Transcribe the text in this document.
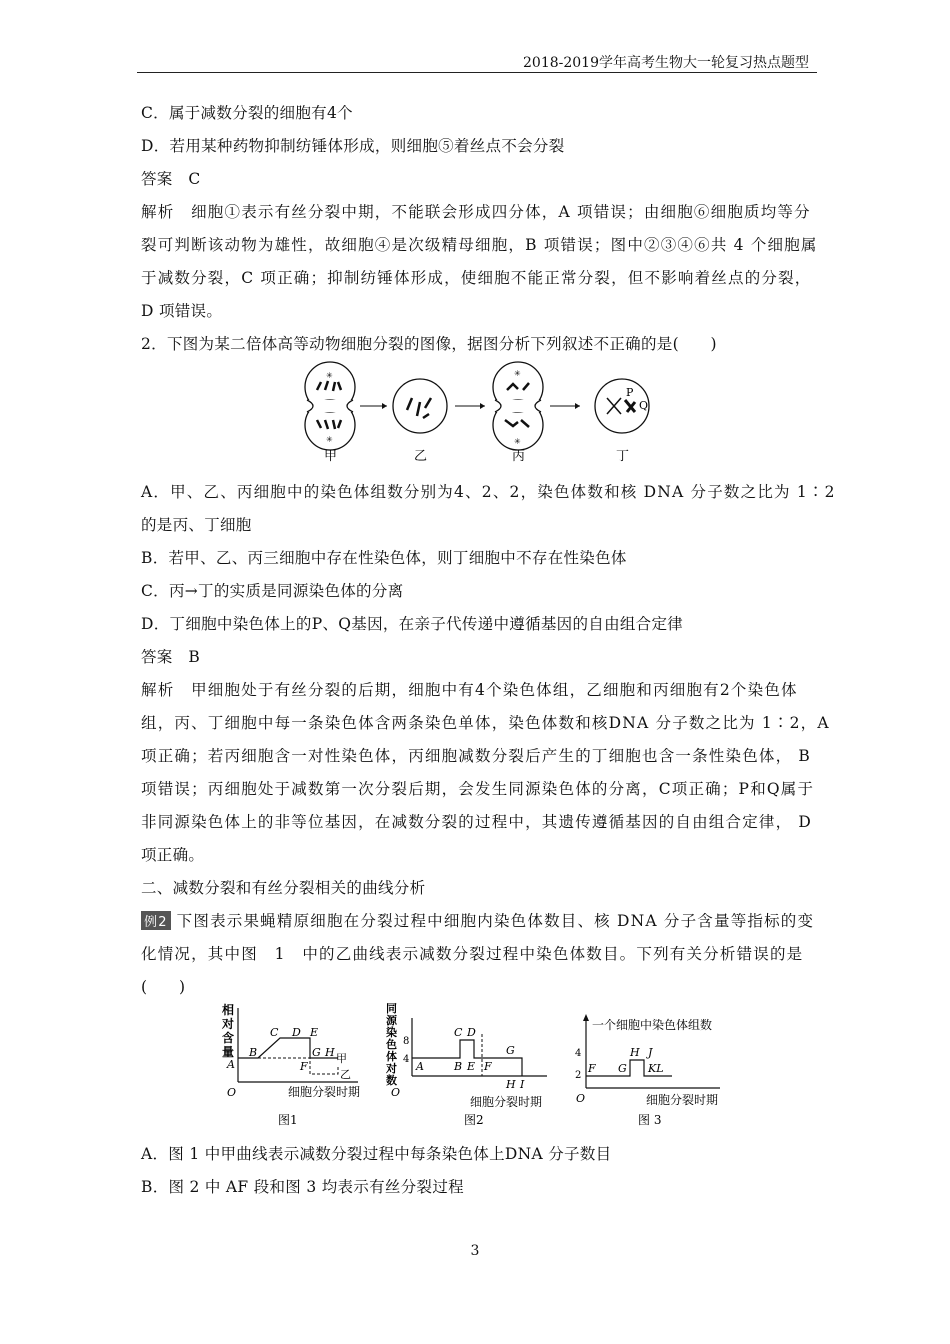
2018-2019学年高考生物大一轮复习热点题型
C．属于减数分裂的细胞有4个
D．若用某种药物抑制纺锤体形成，则细胞⑤着丝点不会分裂
答案　C
解析　细胞①表示有丝分裂中期，不能联会形成四分体，A 项错误；由细胞⑥细胞质均等分
裂可判断该动物为雄性，故细胞④是次级精母细胞，B 项错误；图中②③④⑥共 4 个细胞属
于减数分裂，C 项正确；抑制纺锤体形成，使细胞不能正常分裂，但不影响着丝点的分裂，
D 项错误。
2．下图为某二倍体高等动物细胞分裂的图像，据图分析下列叙述不正确的是(　　)
✳
✳
✳
✳
P
Q
甲	乙	丙	丁
A．甲、乙、丙细胞中的染色体组数分别为4、2、2，染色体数和核 DNA 分子数之比为 1∶2
的是丙、丁细胞
B．若甲、乙、丙三细胞中存在性染色体，则丁细胞中不存在性染色体
C．丙→丁的实质是同源染色体的分离
D．丁细胞中染色体上的P、Q基因，在亲子代传递中遵循基因的自由组合定律
答案　B
解析　甲细胞处于有丝分裂的后期，细胞中有4个染色体组，乙细胞和丙细胞有2个染色体
组，丙、丁细胞中每一条染色体含两条染色单体，染色体数和核DNA 分子数之比为 1∶2，A
项正确；若丙细胞含一对性染色体，丙细胞减数分裂后产生的丁细胞也含一条性染色体， B
项错误；丙细胞处于减数第一次分裂后期，会发生同源染色体的分离，C项正确；P和Q属于
非同源染色体上的非等位基因，在减数分裂的过程中，其遗传遵循基因的自由组合定律， D
项正确。
二、减数分裂和有丝分裂相关的曲线分析
例2 下图表示果蝇精原细胞在分裂过程中细胞内染色体数目、核 DNA 分子含量等指标的变
化情况，其中图　1　中的乙曲线表示减数分裂过程中染色体数目。下列有关分析错误的是
(　　)
相
对
含
量
A
B
C D E
F
G H 甲
乙
O	细胞分裂时期
图1
同
源
染
色
体
对
数
8
4
A	B
C D
E F
G
H I
O
细胞分裂时期
图2
一个细胞中染色体组数
4
2
F G
H J
KL
O	细胞分裂时期
图 3
A．图 1 中甲曲线表示减数分裂过程中每条染色体上DNA 分子数目
B．图 2 中 AF 段和图 3 均表示有丝分裂过程
3
